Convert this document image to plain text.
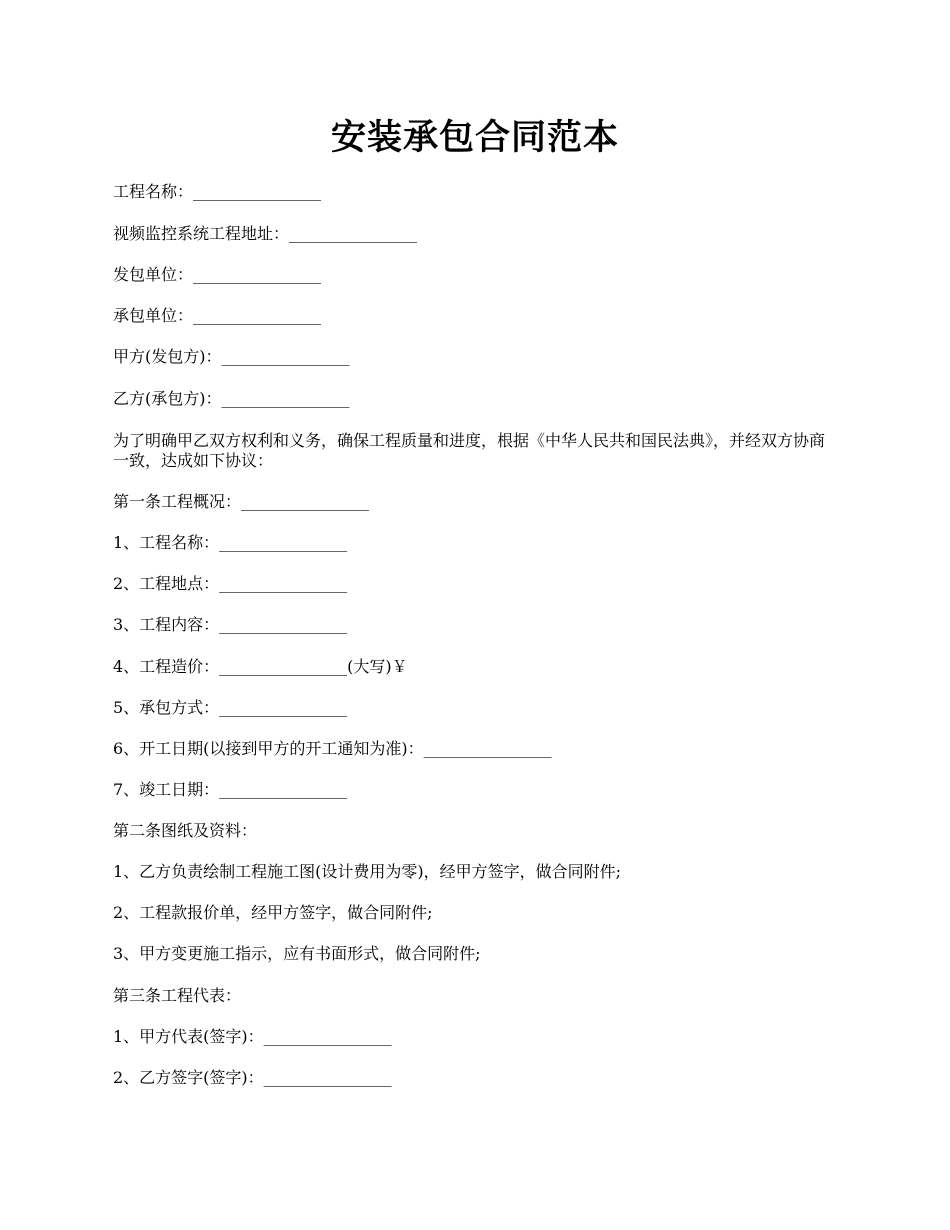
安装承包合同范本
工程名称：________________
视频监控系统工程地址：________________
发包单位：________________
承包单位：________________
甲方(发包方)：________________
乙方(承包方)：________________
为了明确甲乙双方权利和义务，确保工程质量和进度，根据《中华人民共和国民法典》，并经双方协商一致，达成如下协议：
第一条工程概况：________________
1、工程名称：________________
2、工程地点：________________
3、工程内容：________________
4、工程造价：________________(大写)￥
5、承包方式：________________
6、开工日期(以接到甲方的开工通知为准)：________________
7、竣工日期：________________
第二条图纸及资料：
1、乙方负责绘制工程施工图(设计费用为零)，经甲方签字，做合同附件;
2、工程款报价单，经甲方签字，做合同附件;
3、甲方变更施工指示，应有书面形式，做合同附件;
第三条工程代表：
1、甲方代表(签字)：________________
2、乙方签字(签字)：________________
